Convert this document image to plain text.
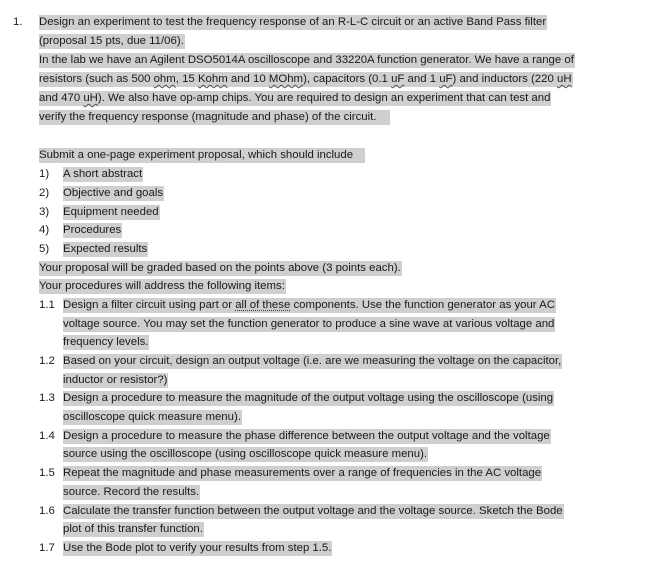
1. Design an experiment to test the frequency response of an R-L-C circuit or an active Band Pass filter
(proposal 15 pts, due 11/06).
In the lab we have an Agilent DSO5014A oscilloscope and 33220A function generator. We have a range of
resistors (such as 500 ohm, 15 Kohm and 10 MOhm), capacitors (0.1 uF and 1 uF) and inductors (220 uH
and 470 uH). We also have op-amp chips. You are required to design an experiment that can test and
verify the frequency response (magnitude and phase) of the circuit.
Submit a one-page experiment proposal, which should include
1) A short abstract
2) Objective and goals
3) Equipment needed
4) Procedures
5) Expected results
Your proposal will be graded based on the points above (3 points each).
Your procedures will address the following items:
1.1 Design a filter circuit using part or all of these components. Use the function generator as your AC
voltage source. You may set the function generator to produce a sine wave at various voltage and
frequency levels.
1.2 Based on your circuit, design an output voltage (i.e. are we measuring the voltage on the capacitor,
inductor or resistor?)
1.3 Design a procedure to measure the magnitude of the output voltage using the oscilloscope (using
oscilloscope quick measure menu).
1.4 Design a procedure to measure the phase difference between the output voltage and the voltage
source using the oscilloscope (using oscilloscope quick measure menu).
1.5 Repeat the magnitude and phase measurements over a range of frequencies in the AC voltage
source. Record the results.
1.6 Calculate the transfer function between the output voltage and the voltage source. Sketch the Bode
plot of this transfer function.
1.7 Use the Bode plot to verify your results from step 1.5.
